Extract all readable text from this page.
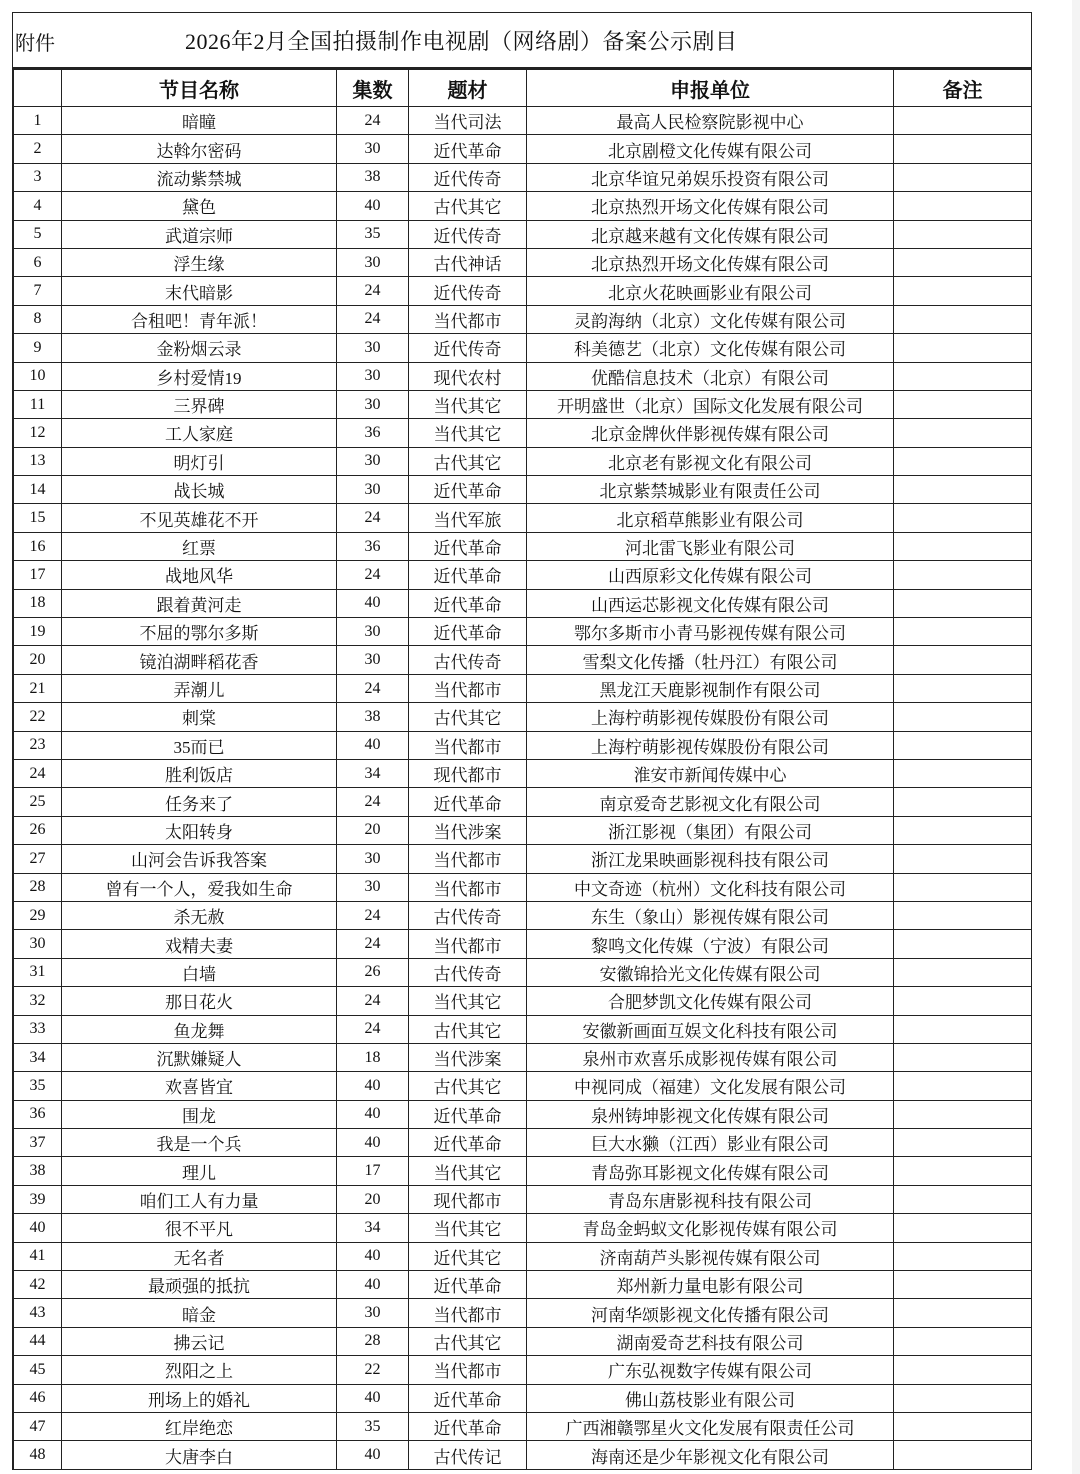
附件	2026年2月全国拍摄制作电视剧（网络剧）备案公示剧目
	节目名称	集数	题材	申报单位	备注
1	暗瞳	24	当代司法	最高人民检察院影视中心	
2	达斡尔密码	30	近代革命	北京剧橙文化传媒有限公司	
3	流动紫禁城	38	近代传奇	北京华谊兄弟娱乐投资有限公司	
4	黛色	40	古代其它	北京热烈开场文化传媒有限公司	
5	武道宗师	35	近代传奇	北京越来越有文化传媒有限公司	
6	浮生缘	30	古代神话	北京热烈开场文化传媒有限公司	
7	末代暗影	24	近代传奇	北京火花映画影业有限公司	
8	合租吧！青年派！	24	当代都市	灵韵海纳（北京）文化传媒有限公司	
9	金粉烟云录	30	近代传奇	科美德艺（北京）文化传媒有限公司	
10	乡村爱情19	30	现代农村	优酷信息技术（北京）有限公司	
11	三界碑	30	当代其它	开明盛世（北京）国际文化发展有限公司	
12	工人家庭	36	当代其它	北京金牌伙伴影视传媒有限公司	
13	明灯引	30	古代其它	北京老有影视文化有限公司	
14	战长城	30	近代革命	北京紫禁城影业有限责任公司	
15	不见英雄花不开	24	当代军旅	北京稻草熊影业有限公司	
16	红票	36	近代革命	河北雷飞影业有限公司	
17	战地风华	24	近代革命	山西原彩文化传媒有限公司	
18	跟着黄河走	40	近代革命	山西运芯影视文化传媒有限公司	
19	不屈的鄂尔多斯	30	近代革命	鄂尔多斯市小青马影视传媒有限公司	
20	镜泊湖畔稻花香	30	古代传奇	雪梨文化传播（牡丹江）有限公司	
21	弄潮儿	24	当代都市	黑龙江天鹿影视制作有限公司	
22	刺棠	38	古代其它	上海柠萌影视传媒股份有限公司	
23	35而已	40	当代都市	上海柠萌影视传媒股份有限公司	
24	胜利饭店	34	现代都市	淮安市新闻传媒中心	
25	任务来了	24	近代革命	南京爱奇艺影视文化有限公司	
26	太阳转身	20	当代涉案	浙江影视（集团）有限公司	
27	山河会告诉我答案	30	当代都市	浙江龙果映画影视科技有限公司	
28	曾有一个人，爱我如生命	30	当代都市	中文奇迹（杭州）文化科技有限公司	
29	杀无赦	24	古代传奇	东生（象山）影视传媒有限公司	
30	戏精夫妻	24	当代都市	黎鸣文化传媒（宁波）有限公司	
31	白墙	26	古代传奇	安徽锦拾光文化传媒有限公司	
32	那日花火	24	当代其它	合肥梦凯文化传媒有限公司	
33	鱼龙舞	24	古代其它	安徽新画面互娱文化科技有限公司	
34	沉默嫌疑人	18	当代涉案	泉州市欢喜乐成影视传媒有限公司	
35	欢喜皆宜	40	古代其它	中视同成（福建）文化发展有限公司	
36	围龙	40	近代革命	泉州铸坤影视文化传媒有限公司	
37	我是一个兵	40	近代革命	巨大水獭（江西）影业有限公司	
38	理儿	17	当代其它	青岛弥耳影视文化传媒有限公司	
39	咱们工人有力量	20	现代都市	青岛东唐影视科技有限公司	
40	很不平凡	34	当代其它	青岛金蚂蚁文化影视传媒有限公司	
41	无名者	40	近代其它	济南葫芦头影视传媒有限公司	
42	最顽强的抵抗	40	近代革命	郑州新力量电影有限公司	
43	暗金	30	当代都市	河南华颂影视文化传播有限公司	
44	拂云记	28	古代其它	湖南爱奇艺科技有限公司	
45	烈阳之上	22	当代都市	广东弘视数字传媒有限公司	
46	刑场上的婚礼	40	近代革命	佛山荔枝影业有限公司	
47	红岸绝恋	35	近代革命	广西湘赣鄂星火文化发展有限责任公司	
48	大唐李白	40	古代传记	海南还是少年影视文化有限公司	
